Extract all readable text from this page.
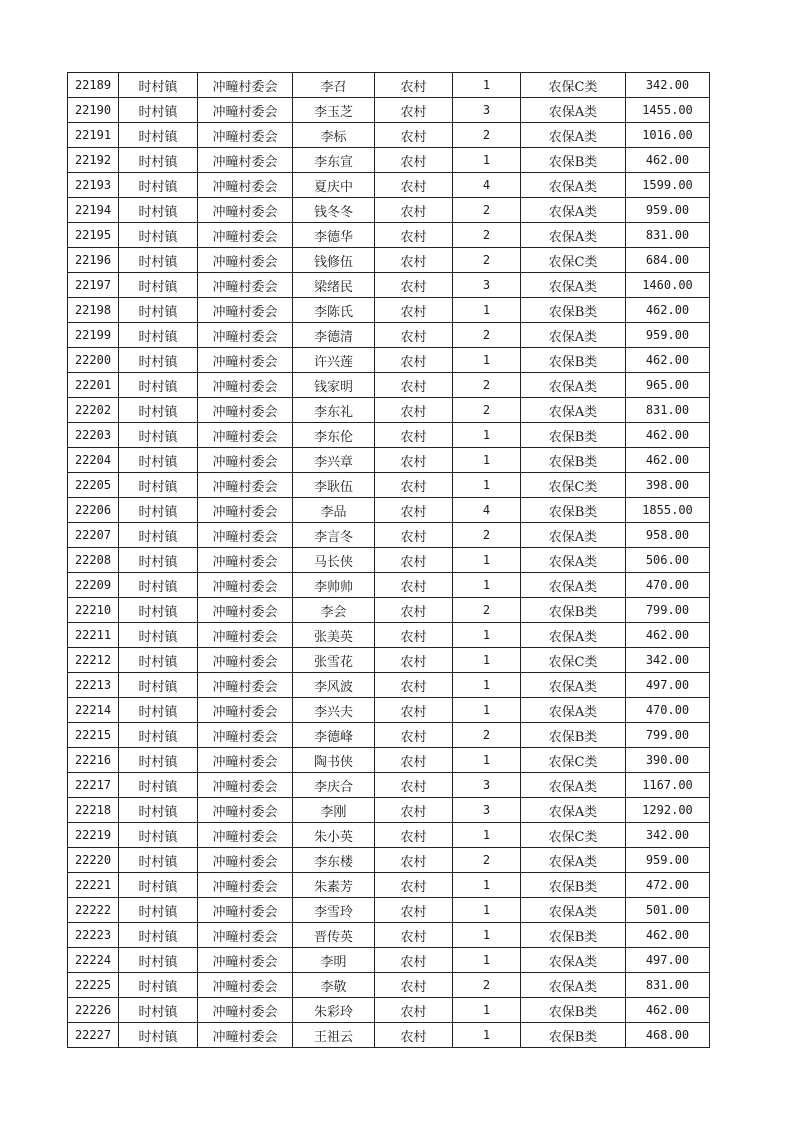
22189	时村镇	冲疃村委会	李召	农村	1	农保C类	342.00
22190	时村镇	冲疃村委会	李玉芝	农村	3	农保A类	1455.00
22191	时村镇	冲疃村委会	李标	农村	2	农保A类	1016.00
22192	时村镇	冲疃村委会	李东宣	农村	1	农保B类	462.00
22193	时村镇	冲疃村委会	夏庆中	农村	4	农保A类	1599.00
22194	时村镇	冲疃村委会	钱冬冬	农村	2	农保A类	959.00
22195	时村镇	冲疃村委会	李德华	农村	2	农保A类	831.00
22196	时村镇	冲疃村委会	钱修伍	农村	2	农保C类	684.00
22197	时村镇	冲疃村委会	梁绪民	农村	3	农保A类	1460.00
22198	时村镇	冲疃村委会	李陈氏	农村	1	农保B类	462.00
22199	时村镇	冲疃村委会	李德清	农村	2	农保A类	959.00
22200	时村镇	冲疃村委会	许兴莲	农村	1	农保B类	462.00
22201	时村镇	冲疃村委会	钱家明	农村	2	农保A类	965.00
22202	时村镇	冲疃村委会	李东礼	农村	2	农保A类	831.00
22203	时村镇	冲疃村委会	李东伦	农村	1	农保B类	462.00
22204	时村镇	冲疃村委会	李兴章	农村	1	农保B类	462.00
22205	时村镇	冲疃村委会	李耿伍	农村	1	农保C类	398.00
22206	时村镇	冲疃村委会	李品	农村	4	农保B类	1855.00
22207	时村镇	冲疃村委会	李言冬	农村	2	农保A类	958.00
22208	时村镇	冲疃村委会	马长侠	农村	1	农保A类	506.00
22209	时村镇	冲疃村委会	李帅帅	农村	1	农保A类	470.00
22210	时村镇	冲疃村委会	李会	农村	2	农保B类	799.00
22211	时村镇	冲疃村委会	张美英	农村	1	农保A类	462.00
22212	时村镇	冲疃村委会	张雪花	农村	1	农保C类	342.00
22213	时村镇	冲疃村委会	李风波	农村	1	农保A类	497.00
22214	时村镇	冲疃村委会	李兴夫	农村	1	农保A类	470.00
22215	时村镇	冲疃村委会	李德峰	农村	2	农保B类	799.00
22216	时村镇	冲疃村委会	陶书侠	农村	1	农保C类	390.00
22217	时村镇	冲疃村委会	李庆合	农村	3	农保A类	1167.00
22218	时村镇	冲疃村委会	李刚	农村	3	农保A类	1292.00
22219	时村镇	冲疃村委会	朱小英	农村	1	农保C类	342.00
22220	时村镇	冲疃村委会	李东楼	农村	2	农保A类	959.00
22221	时村镇	冲疃村委会	朱素芳	农村	1	农保B类	472.00
22222	时村镇	冲疃村委会	李雪玲	农村	1	农保A类	501.00
22223	时村镇	冲疃村委会	晋传英	农村	1	农保B类	462.00
22224	时村镇	冲疃村委会	李明	农村	1	农保A类	497.00
22225	时村镇	冲疃村委会	李敬	农村	2	农保A类	831.00
22226	时村镇	冲疃村委会	朱彩玲	农村	1	农保B类	462.00
22227	时村镇	冲疃村委会	王祖云	农村	1	农保B类	468.00
